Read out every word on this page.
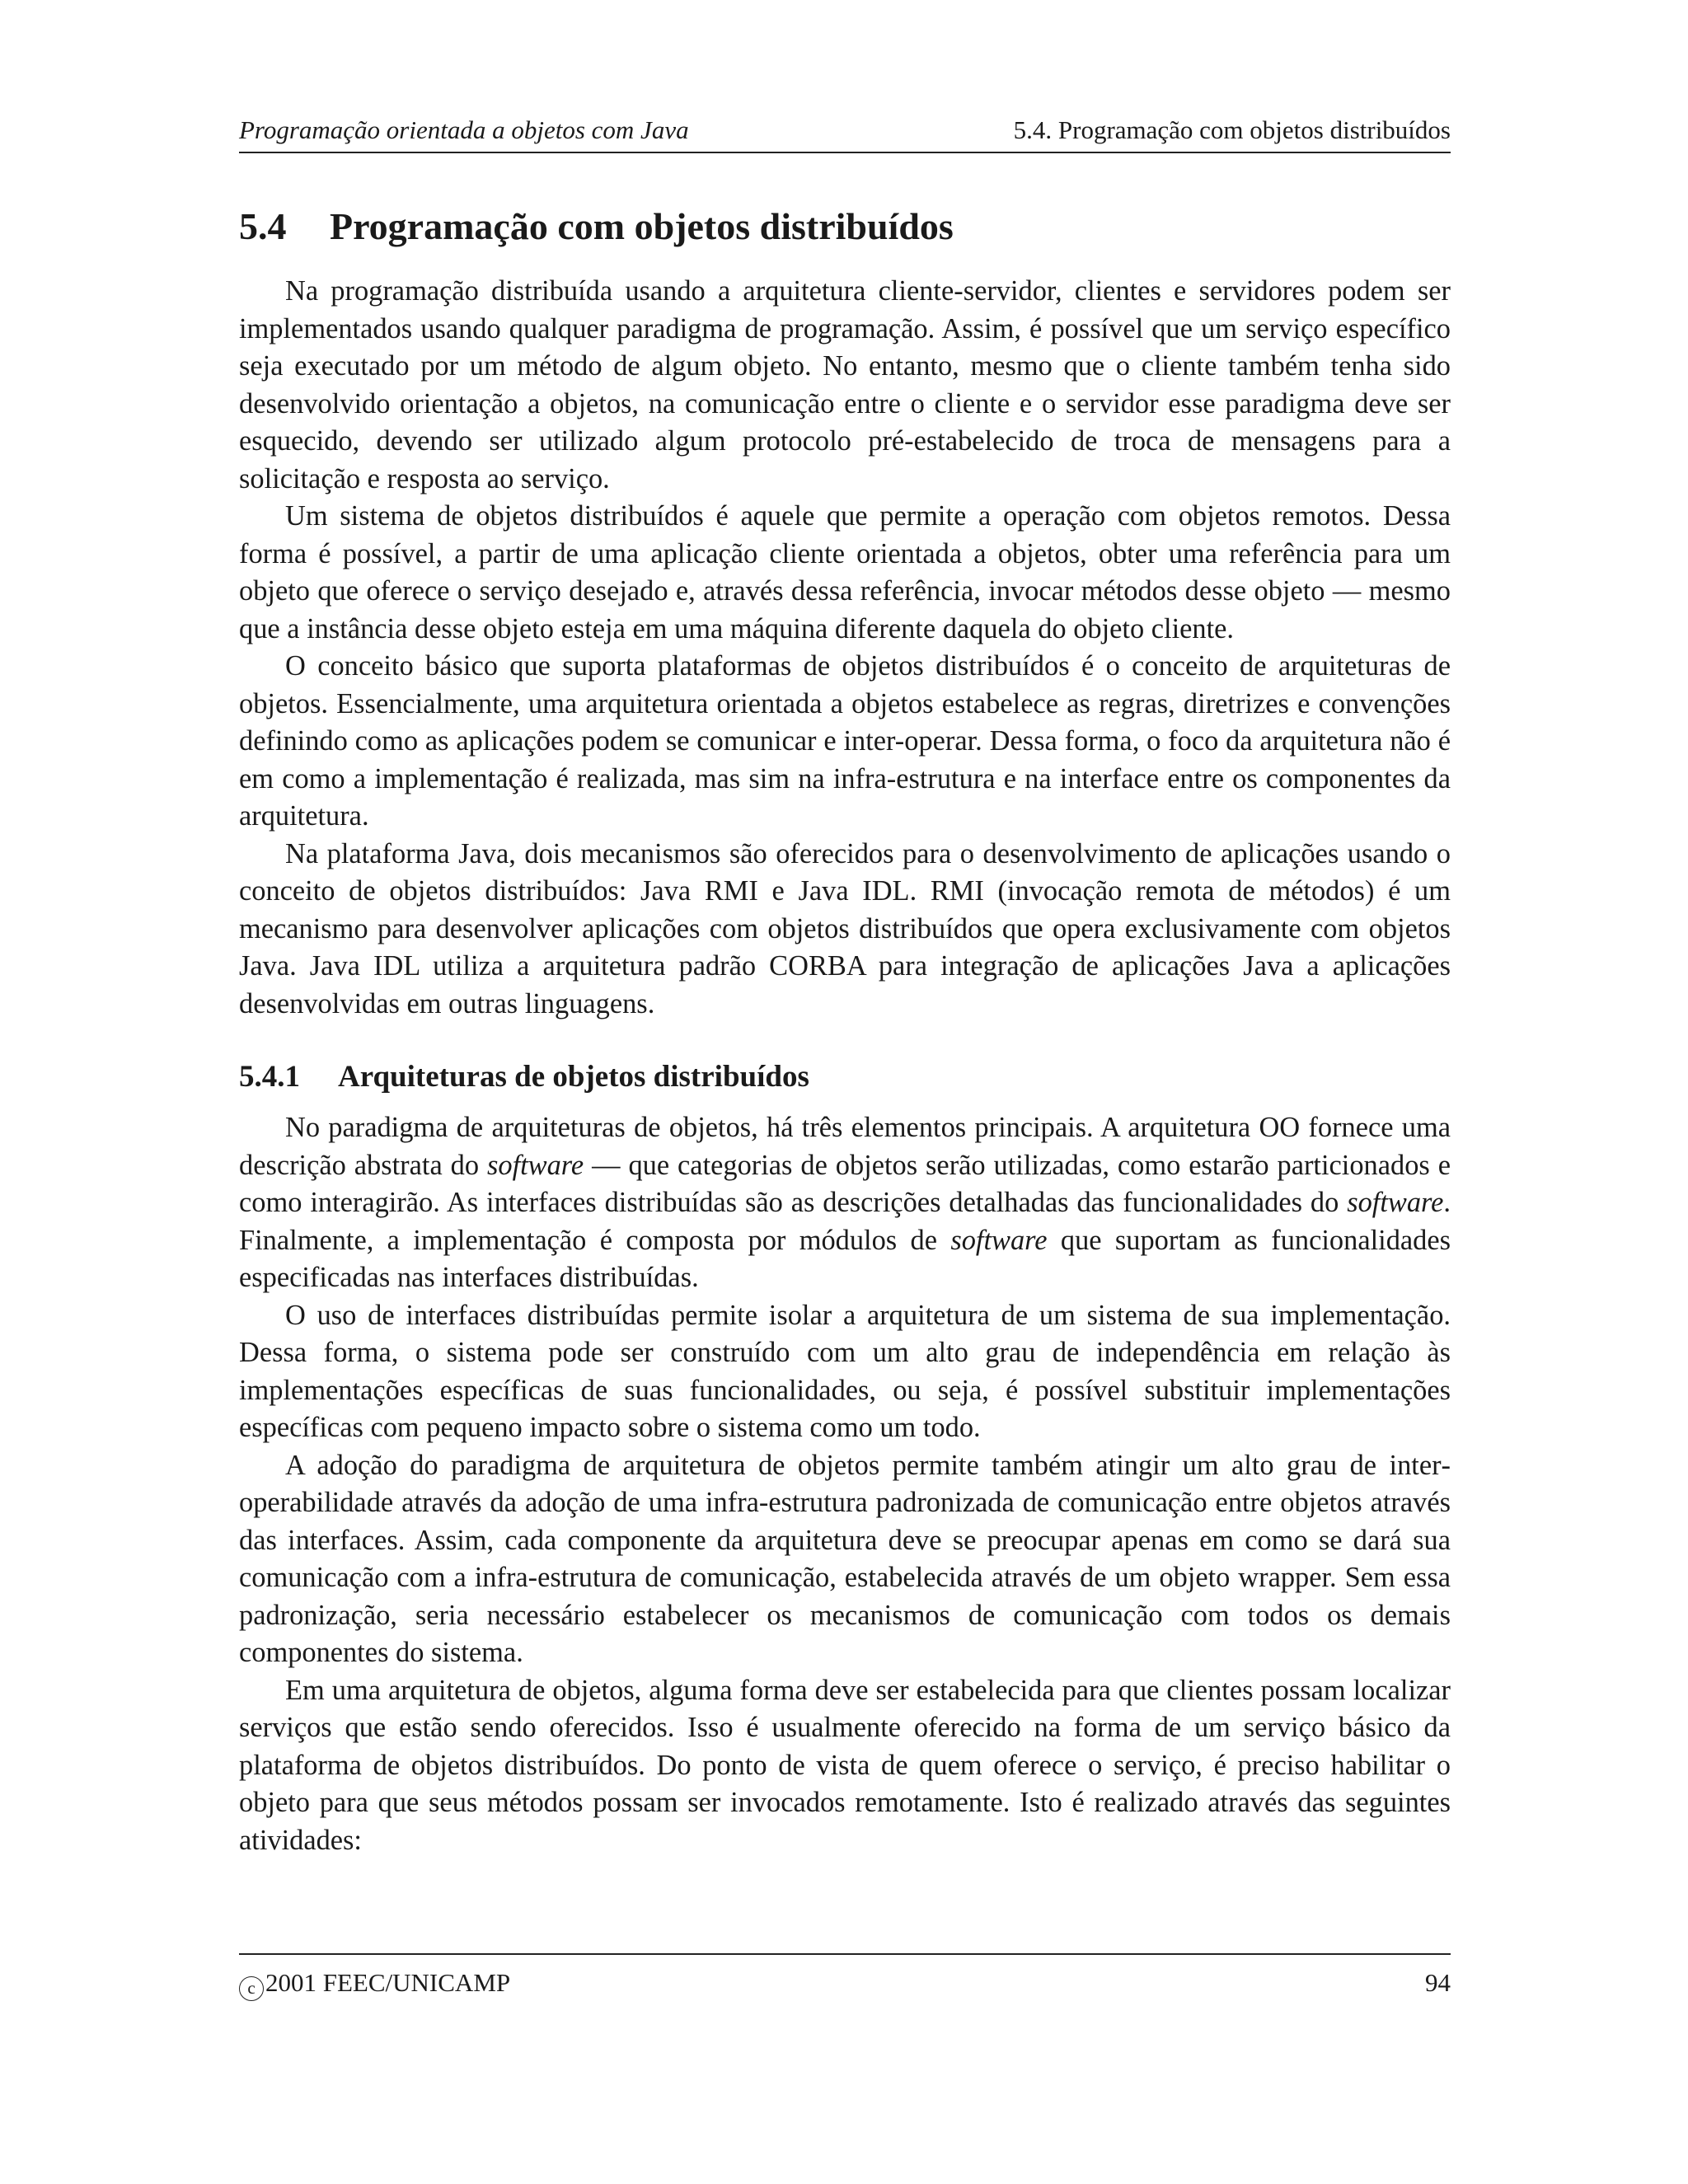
Programação orientada a objetos com Java	5.4. Programação com objetos distribuídos
5.4	Programação com objetos distribuídos

Na programação distribuída usando a arquitetura cliente-servidor, clientes e servidores podem ser implementados usando qualquer paradigma de programação. Assim, é possível que um serviço específico seja executado por um método de algum objeto. No entanto, mesmo que o cliente também tenha sido desenvolvido orientação a objetos, na comunicação entre o cliente e o servidor esse paradigma deve ser esquecido, devendo ser utilizado algum protocolo pré-estabelecido de troca de mensagens para a solicitação e resposta ao serviço.

Um sistema de objetos distribuídos é aquele que permite a operação com objetos remotos. Dessa forma é possível, a partir de uma aplicação cliente orientada a objetos, obter uma referência para um objeto que oferece o serviço desejado e, através dessa referência, invocar métodos desse objeto — mesmo que a instância desse objeto esteja em uma máquina diferente daquela do objeto cliente.

O conceito básico que suporta plataformas de objetos distribuídos é o conceito de arquiteturas de objetos. Essencialmente, uma arquitetura orientada a objetos estabelece as regras, diretrizes e convenções definindo como as aplicações podem se comunicar e inter-operar. Dessa forma, o foco da arquitetura não é em como a implementação é realizada, mas sim na infra-estrutura e na interface entre os componentes da arquitetura.

Na plataforma Java, dois mecanismos são oferecidos para o desenvolvimento de aplicações usando o conceito de objetos distribuídos: Java RMI e Java IDL. RMI (invocação remota de métodos) é um mecanismo para desenvolver aplicações com objetos distribuídos que opera exclusivamente com objetos Java. Java IDL utiliza a arquitetura padrão CORBA para integração de aplicações Java a aplicações desenvolvidas em outras linguagens.

5.4.1	Arquiteturas de objetos distribuídos

No paradigma de arquiteturas de objetos, há três elementos principais. A arquitetura OO fornece uma descrição abstrata do software — que categorias de objetos serão utilizadas, como estarão particionados e como interagirão. As interfaces distribuídas são as descrições detalhadas das funcionalidades do software. Finalmente, a implementação é composta por módulos de software que suportam as funcionalidades especificadas nas interfaces distribuídas.

O uso de interfaces distribuídas permite isolar a arquitetura de um sistema de sua implementação. Dessa forma, o sistema pode ser construído com um alto grau de independência em relação às implementações específicas de suas funcionalidades, ou seja, é possível substituir implementações específicas com pequeno impacto sobre o sistema como um todo.

A adoção do paradigma de arquitetura de objetos permite também atingir um alto grau de interoperabilidade através da adoção de uma infra-estrutura padronizada de comunicação entre objetos através das interfaces. Assim, cada componente da arquitetura deve se preocupar apenas em como se dará sua comunicação com a infra-estrutura de comunicação, estabelecida através de um objeto wrapper. Sem essa padronização, seria necessário estabelecer os mecanismos de comunicação com todos os demais componentes do sistema.

Em uma arquitetura de objetos, alguma forma deve ser estabelecida para que clientes possam localizar serviços que estão sendo oferecidos. Isso é usualmente oferecido na forma de um serviço básico da plataforma de objetos distribuídos. Do ponto de vista de quem oferece o serviço, é preciso habilitar o objeto para que seus métodos possam ser invocados remotamente. Isto é realizado através das seguintes atividades:

c 2001 FEEC/UNICAMP	94
